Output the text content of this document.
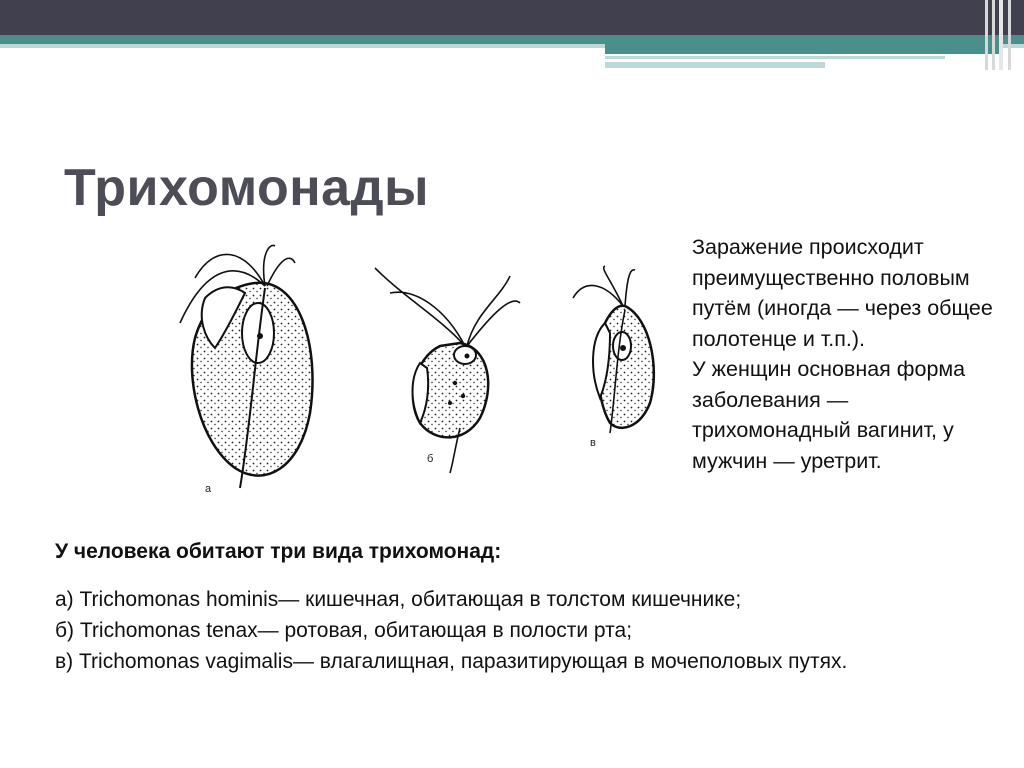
Трихомонады
а
б
в

Заражение происходит преимущественно половым путём (иногда — через общее полотенце и т.п.).

У женщин основная форма заболевания — трихомонадный вагинит, у мужчин — уретрит.

У человека обитают три вида трихомонад:

а) Trichomonas hominis— кишечная, обитающая в толстом кишечнике;
б) Trichomonas tenax— ротовая, обитающая в полости рта;
в) Trichomonas vagimalis— влагалищная, паразитирующая в мочеполовых путях.
